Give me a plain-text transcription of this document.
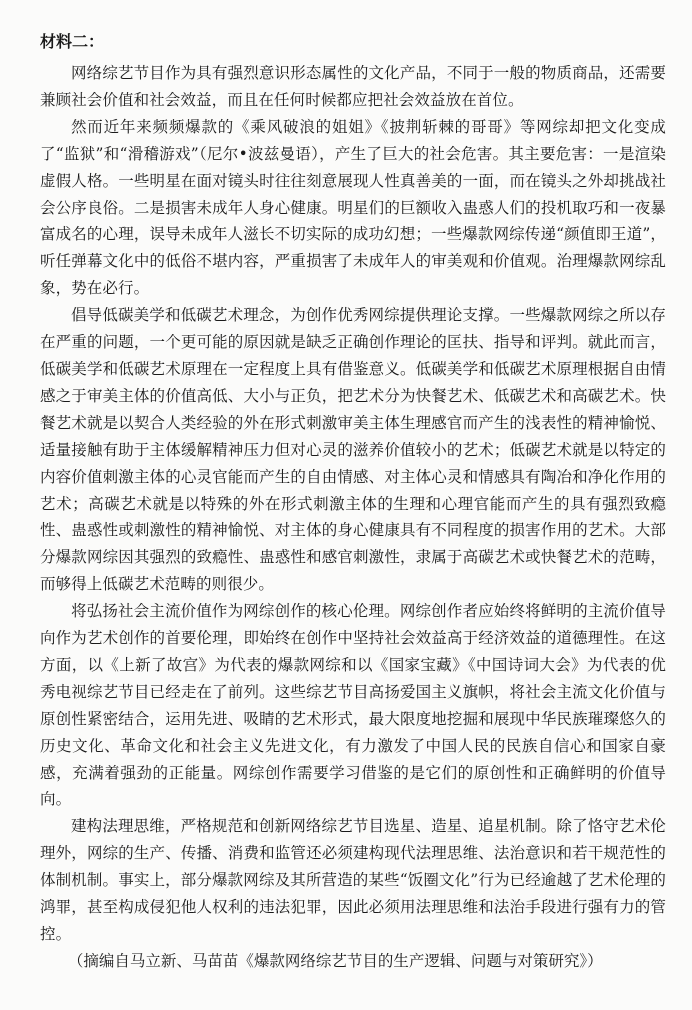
材料二：

网络综艺节目作为具有强烈意识形态属性的文化产品，不同于一般的物质商品，还需要兼顾社会价值和社会效益，而且在任何时候都应把社会效益放在首位。

然而近年来频频爆款的《乘风破浪的姐姐》《披荆斩棘的哥哥》等网综却把文化变成了“监狱”和“滑稽游戏”（尼尔•波兹曼语），产生了巨大的社会危害。其主要危害：一是渲染虚假人格。一些明星在面对镜头时往往刻意展现人性真善美的一面，而在镜头之外却挑战社会公序良俗。二是损害未成年人身心健康。明星们的巨额收入蛊惑人们的投机取巧和一夜暴富成名的心理，误导未成年人滋长不切实际的成功幻想；一些爆款网综传递“颜值即王道”，听任弹幕文化中的低俗不堪内容，严重损害了未成年人的审美观和价值观。治理爆款网综乱象，势在必行。

倡导低碳美学和低碳艺术理念，为创作优秀网综提供理论支撑。一些爆款网综之所以存在严重的问题，一个更可能的原因就是缺乏正确创作理论的匡扶、指导和评判。就此而言，低碳美学和低碳艺术原理在一定程度上具有借鉴意义。低碳美学和低碳艺术原理根据自由情感之于审美主体的价值高低、大小与正负，把艺术分为快餐艺术、低碳艺术和高碳艺术。快餐艺术就是以契合人类经验的外在形式刺激审美主体生理感官而产生的浅表性的精神愉悦、适量接触有助于主体缓解精神压力但对心灵的滋养价值较小的艺术；低碳艺术就是以特定的内容价值刺激主体的心灵官能而产生的自由情感、对主体心灵和情感具有陶冶和净化作用的艺术；高碳艺术就是以特殊的外在形式刺激主体的生理和心理官能而产生的具有强烈致瘾性、蛊惑性或刺激性的精神愉悦、对主体的身心健康具有不同程度的损害作用的艺术。大部分爆款网综因其强烈的致瘾性、蛊惑性和感官刺激性，隶属于高碳艺术或快餐艺术的范畴，而够得上低碳艺术范畴的则很少。

将弘扬社会主流价值作为网综创作的核心伦理。网综创作者应始终将鲜明的主流价值导向作为艺术创作的首要伦理，即始终在创作中坚持社会效益高于经济效益的道德理性。在这方面，以《上新了故宫》为代表的爆款网综和以《国家宝藏》《中国诗词大会》为代表的优秀电视综艺节目已经走在了前列。这些综艺节目高扬爱国主义旗帜，将社会主流文化价值与原创性紧密结合，运用先进、吸睛的艺术形式，最大限度地挖掘和展现中华民族璀璨悠久的历史文化、革命文化和社会主义先进文化，有力激发了中国人民的民族自信心和国家自豪感，充满着强劲的正能量。网综创作需要学习借鉴的是它们的原创性和正确鲜明的价值导向。

建构法理思维，严格规范和创新网络综艺节目选星、造星、追星机制。除了恪守艺术伦理外，网综的生产、传播、消费和监管还必须建构现代法理思维、法治意识和若干规范性的体制机制。事实上，部分爆款网综及其所营造的某些“饭圈文化”行为已经逾越了艺术伦理的鸿罪，甚至构成侵犯他人权利的违法犯罪，因此必须用法理思维和法治手段进行强有力的管控。

（摘编自马立新、马苗苗《爆款网络综艺节目的生产逻辑、问题与对策研究》）
